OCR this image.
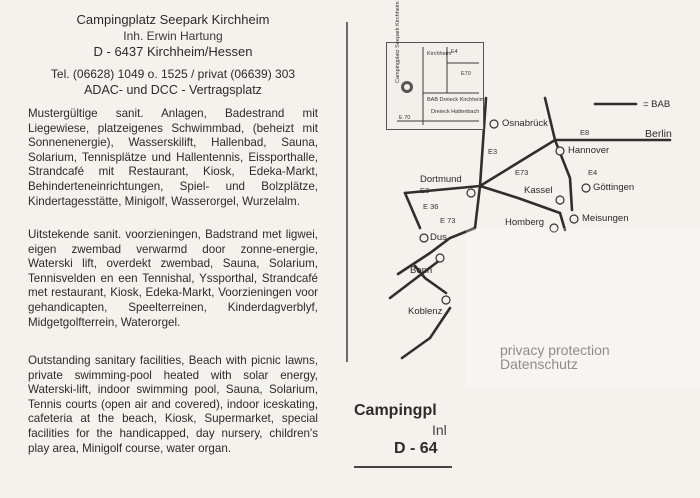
Campingplatz Seepark Kirchheim
Inh. Erwin Hartung
D - 6437 Kirchheim/Hessen
Tel. (06628) 1049 o. 1525 / privat (06639) 303
ADAC- und DCC - Vertragsplatz

Mustergültige sanit. Anlagen, Badestrand mit Liegewiese, platzeigenes Schwimmbad, (beheizt mit Sonnenenergie), Wasserskilift, Hallenbad, Sauna, Solarium, Tennisplätze und Hallentennis, Eissporthalle, Strandcafé mit Restaurant, Kiosk, Edeka-Markt, Behinderteneinrichtungen, Spiel- und Bolzplätze, Kindertagesstätte, Minigolf, Wasserorgel, Wurzelalm.

Uitstekende sanit. voorzieningen, Badstrand met ligwei, eigen zwembad verwarmd door zonne-energie, Waterski lift, overdekt zwembad, Sauna, Solarium, Tennisvelden en een Tennishal, Yssporthal, Strandcafé met restaurant, Kiosk, Edeka-Markt, Voorzieningen voor gehandicapten, Speelterreinen, Kinderdagverblyf, Midgetgolfterrein, Waterorgel.

Outstanding sanitary facilities, Beach with picnic lawns, private swimming-pool heated with solar energy, Waterski-lift, indoor swimming pool, Sauna, Solarium, Tennis courts (open air and covered), indoor iceskating, cafeteria at the beach, Kiosk, Supermarket, special facilities for the handicapped, day nursery, children's play area, Minigolf course, water organ.

= BAB
Osnabrück
Berlin
Hannover
Göttingen
Dortmund
Kassel
Meisungen
Homberg
Dus
Bonn
Koblenz
E8
E3
E3
E73	E4
E 36
E 73
Campingplatz Seepark Kirchheim	Kirchheim E4
E70
BAB Dreieck Kirchheim
Dreieck Hattenbach
E 70
privacy protection
Datenschutz
Campingpl
Inl
D - 64
